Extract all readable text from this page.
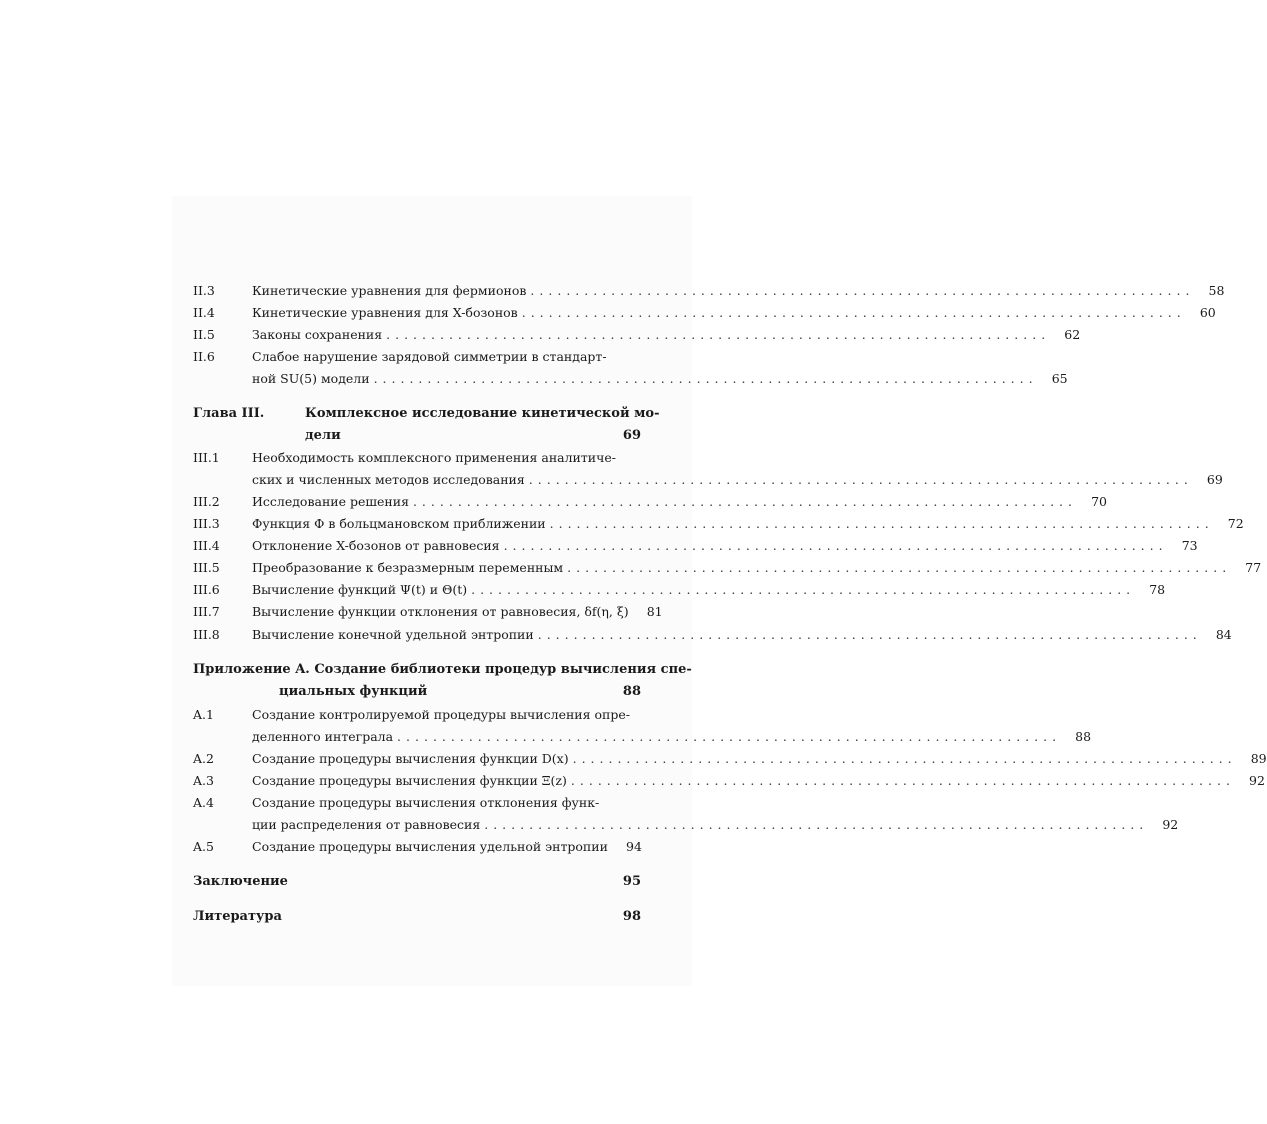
II.3	Кинетические уравнения для фермионов ..........................................................................	58
II.4	Кинетические уравнения для X-бозонов ..........................................................................	60
II.5	Законы сохранения ..........................................................................	62
II.6	Слабое нарушение зарядовой симметрии в стандарт-
ной SU(5) модели ..........................................................................	65
Глава III.	Комплексное исследование кинетической мо-
дели	69
III.1	Необходимость комплексного применения аналитиче-
ских и численных методов исследования ..........................................................................	69
III.2	Исследование решения ..........................................................................	70
III.3	Функция Φ в больцмановском приближении ..........................................................................	72
III.4	Отклонение X-бозонов от равновесия ..........................................................................	73
III.5	Преобразование к безразмерным переменным ..........................................................................	77
III.6	Вычисление функций Ψ(t) и Θ(t) ..........................................................................	78
III.7	Вычисление функции отклонения от равновесия, δf(η, ξ)	81
III.8	Вычисление конечной удельной энтропии ..........................................................................	84
Приложение A. Создание библиотеки процедур вычисления спе-
циальных функций	88
A.1	Создание контролируемой процедуры вычисления опре-
деленного интеграла ..........................................................................	88
A.2	Создание процедуры вычисления функции D(x) ..........................................................................	89
A.3	Создание процедуры вычисления функции Ξ(z) ..........................................................................	92
A.4	Создание процедуры вычисления отклонения функ-
ции распределения от равновесия ..........................................................................	92
A.5	Создание процедуры вычисления удельной энтропии	94
Заключение	95
Литература	98
